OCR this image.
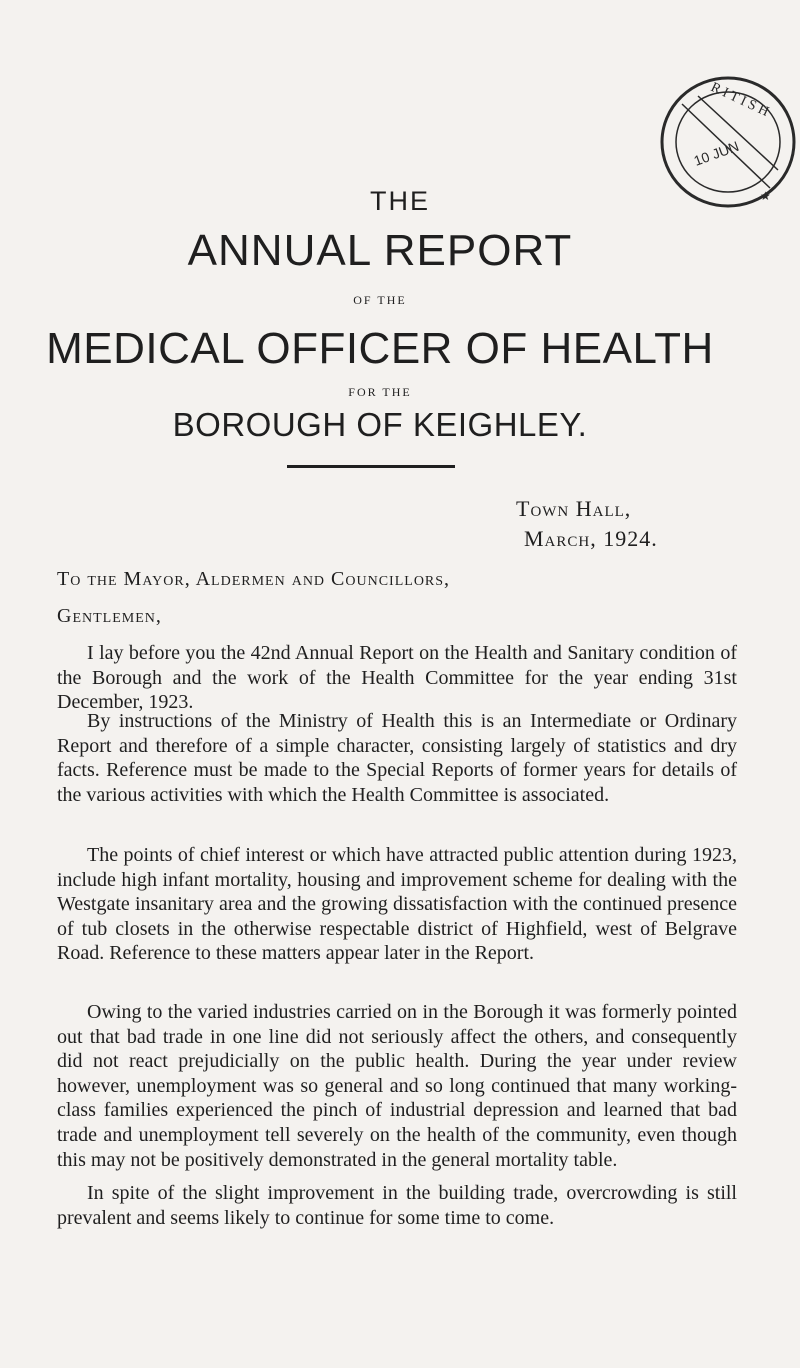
R I T I S H
10 JUN
★
THE
ANNUAL REPORT
OF THE
MEDICAL OFFICER OF HEALTH
FOR THE
BOROUGH OF KEIGHLEY.
Town Hall,
March, 1924.
To the Mayor, Aldermen and Councillors,
Gentlemen,

I lay before you the 42nd Annual Report on the Health and Sanitary condition of the Borough and the work of the Health Committee for the year ending 31st December, 1923.

By instructions of the Ministry of Health this is an Intermediate or Ordinary Report and therefore of a simple character, consisting largely of statistics and dry facts. Reference must be made to the Special Reports of former years for details of the various activities with which the Health Committee is associated.

The points of chief interest or which have attracted public attention during 1923, include high infant mortality, housing and improvement scheme for dealing with the Westgate insanitary area and the growing dissatisfaction with the continued presence of tub closets in the otherwise respectable district of Highfield, west of Belgrave Road. Reference to these matters appear later in the Report.

Owing to the varied industries carried on in the Borough it was formerly pointed out that bad trade in one line did not seriously affect the others, and consequently did not react prejudicially on the public health. During the year under review however, unemployment was so general and so long continued that many working-class families experienced the pinch of industrial depression and learned that bad trade and unemployment tell severely on the health of the community, even though this may not be positively demonstrated in the general mortality table.

In spite of the slight improvement in the building trade, overcrowding is still prevalent and seems likely to continue for some time to come.
